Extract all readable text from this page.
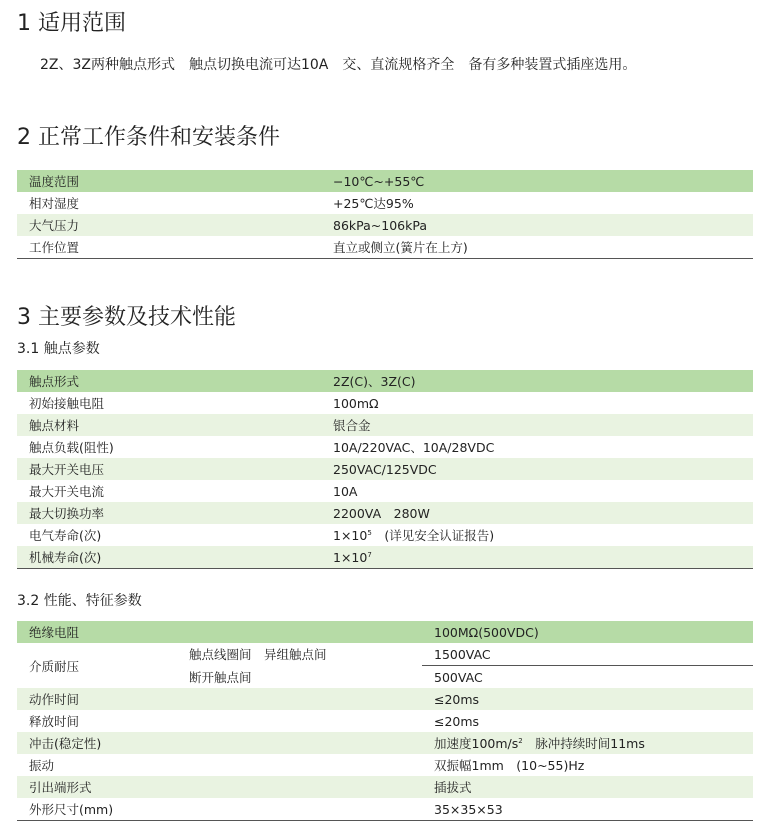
1 适用范围
2Z、3Z两种触点形式　触点切换电流可达10A　交、直流规格齐全　备有多种装置式插座选用。
2 正常工作条件和安装条件
温度范围	−10℃~+55℃
相对湿度	+25℃达95%
大气压力	86kPa~106kPa
工作位置	直立或侧立(簧片在上方)
3 主要参数及技术性能
3.1 触点参数
触点形式	2Z(C)、3Z(C)
初始接触电阻	100mΩ
触点材料	银合金
触点负载(阻性)	10A/220VAC、10A/28VDC
最大开关电压	250VAC/125VDC
最大开关电流	10A
最大切换功率	2200VA　280W
电气寿命(次)	$1\times 10^5$　(详见安全认证报告)
机械寿命(次)	$1\times 10^7$
3.2 性能、特征参数
绝缘电阻		100MΩ(500VDC)
介质耐压	触点线圈间　异组触点间	1500VAC
	断开触点间	500VAC
动作时间		≤20ms
释放时间		≤20ms
冲击(稳定性)		加速度$100m/s^2$　脉冲持续时间11ms
振动		双振幅1mm　(10~55)Hz
引出端形式		插拔式
外形尺寸(mm)		35×35×53
